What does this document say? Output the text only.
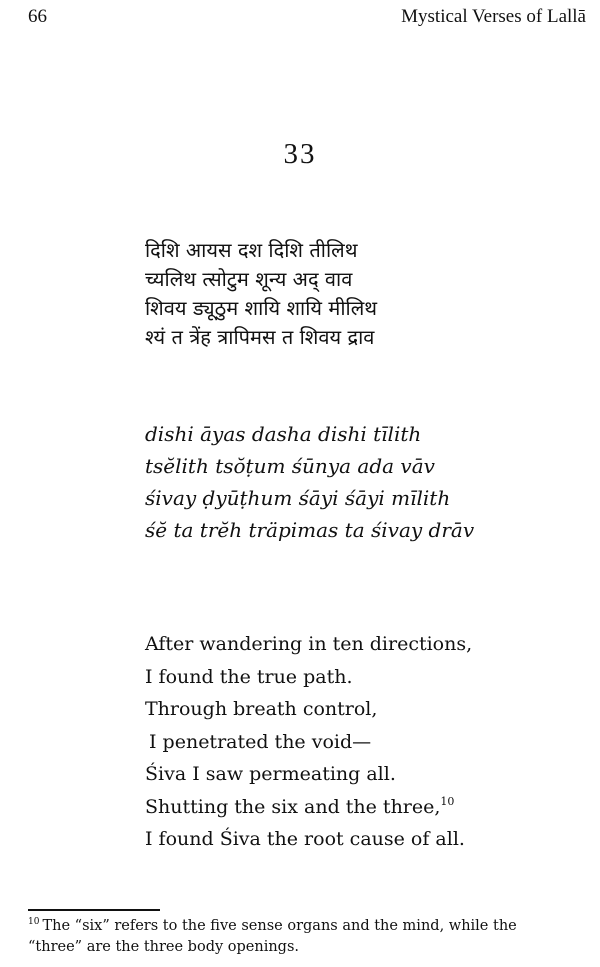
66	Mystical Verses of Lallā
33
दिशि आयस दश दिशि तीलिथ
च्यलिथ त्सोटुम शून्य अद् वाव
शिवय ड्यूठुम शायि शायि मीलिथ
श्यं त त्रेंह त्रापिमस त शिवय द्राव
dishi āyas dasha dishi tīlith
tsĕlith tsŏṭum śūnya ada vāv
śivay ḍyūṭhum śāyi śāyi mīlith
śĕ ta trĕh träpimas ta śivay drāv
After wandering in ten directions,
I found the true path.
Through breath control,
I penetrated the void—
Śiva I saw permeating all.
Shutting the six and the three,$^{10}$
I found Śiva the root cause of all.
$^{10}$ The “six” refers to the five sense organs and the mind, while the
“three” are the three body openings.
